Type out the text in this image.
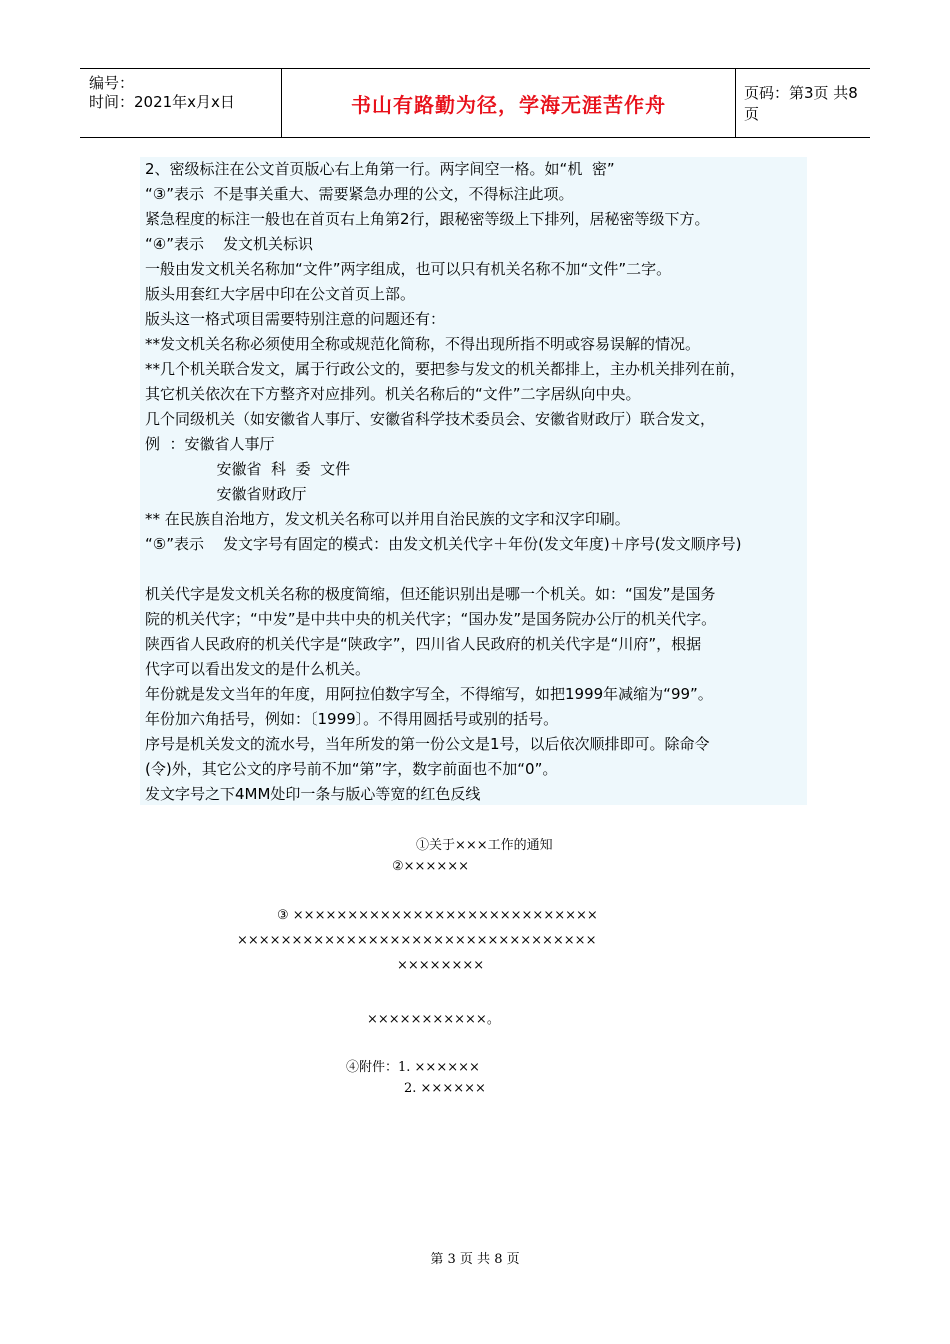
编号：
时间：2021年x月x日	书山有路勤为径，学海无涯苦作舟	页码：第3页 共8页
2、密级标注在公文首页版心右上角第一行。两字间空一格。如“机  密”
“③”表示  不是事关重大、需要紧急办理的公文，不得标注此项。
紧急程度的标注一般也在首页右上角第2行，跟秘密等级上下排列，居秘密等级下方。
“④”表示    发文机关标识
一般由发文机关名称加“文件”两字组成，也可以只有机关名称不加“文件”二字。
版头用套红大字居中印在公文首页上部。
版头这一格式项目需要特别注意的问题还有：
**发文机关名称必须使用全称或规范化简称，不得出现所指不明或容易误解的情况。
**几个机关联合发文，属于行政公文的，要把参与发文的机关都排上，主办机关排列在前，
其它机关依次在下方整齐对应排列。机关名称后的“文件”二字居纵向中央。
几个同级机关（如安徽省人事厅、安徽省科学技术委员会、安徽省财政厅）联合发文，
例  ：安徽省人事厅
安徽省  科  委  文件
安徽省财政厅
** 在民族自治地方，发文机关名称可以并用自治民族的文字和汉字印刷。
“⑤”表示    发文字号有固定的模式：由发文机关代字＋年份(发文年度)＋序号(发文顺序号)
机关代字是发文机关名称的极度简缩，但还能识别出是哪一个机关。如：“国发”是国务
院的机关代字；“中发”是中共中央的机关代字；“国办发”是国务院办公厅的机关代字。
陕西省人民政府的机关代字是“陕政字”，四川省人民政府的机关代字是“川府”，根据
代字可以看出发文的是什么机关。
年份就是发文当年的年度，用阿拉伯数字写全，不得缩写，如把1999年减缩为“99”。
年份加六角括号，例如：〔1999〕。不得用圆括号或别的括号。
序号是机关发文的流水号，当年所发的第一份公文是1号，以后依次顺排即可。除命令
(令)外，其它公文的序号前不加“第”字，数字前面也不加“0”。
发文字号之下4MM处印一条与版心等宽的红色反线
①关于×××工作的通知
②××××××
③ ××××××××××××××××××××××××××××
×××××××××××××××××××××××××××××××××
××××××××
×××××××××××。
④附件：1. ××××××
2. ××××××
第 3 页 共 8 页
